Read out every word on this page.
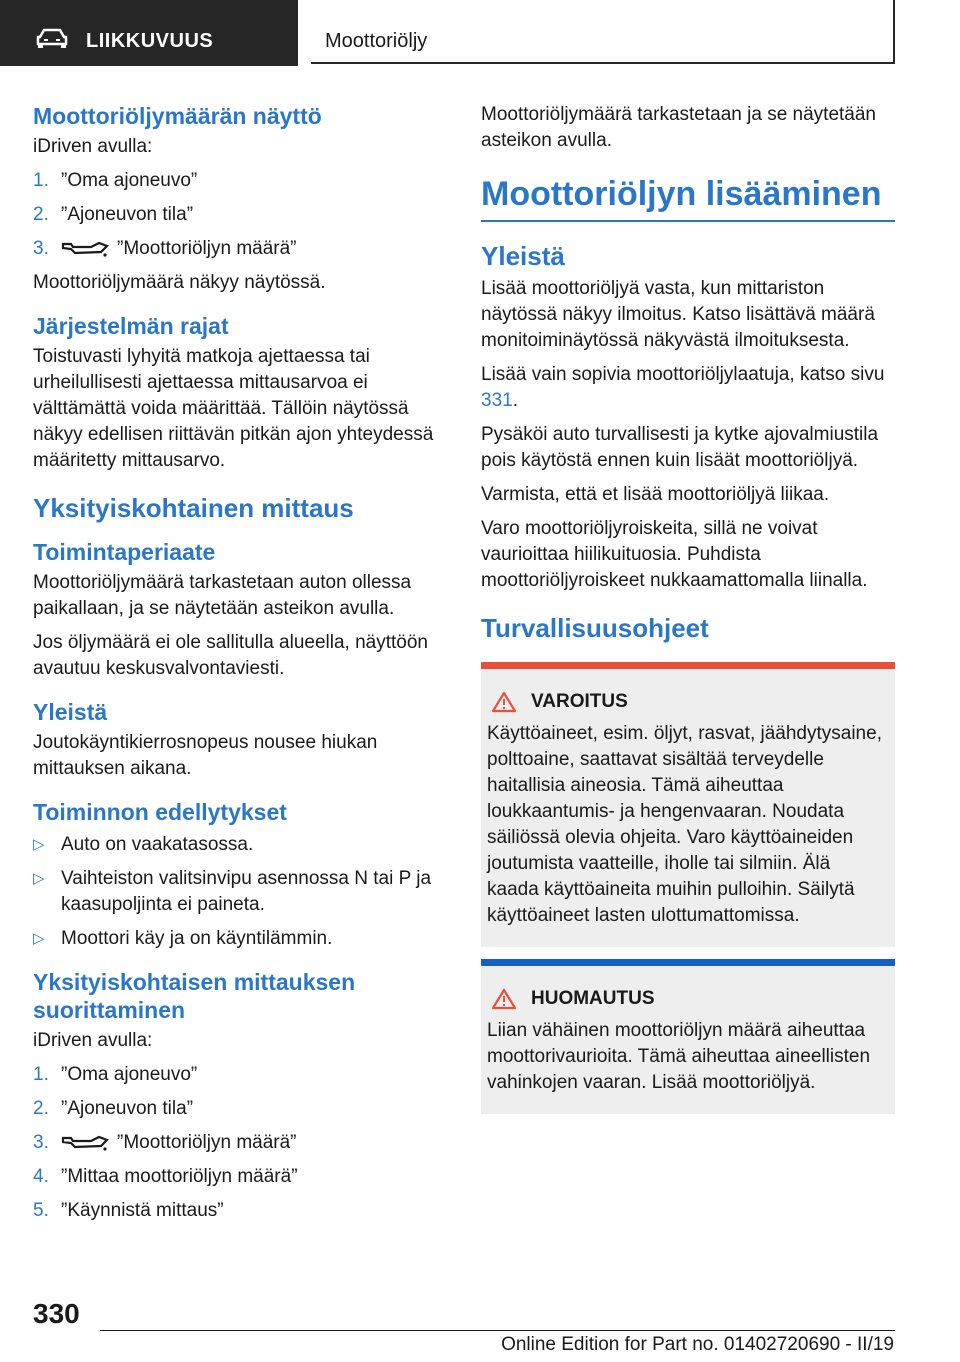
LIIKKUVUUS	Moottoriöljy
Moottoriöljymäärän näyttö

iDriven avulla:

1. ”Oma ajoneuvo”
2. ”Ajoneuvon tila”
3.	”Moottoriöljyn määrä”

Moottoriöljymäärä näkyy näytössä.

Järjestelmän rajat

Toistuvasti lyhyitä matkoja ajettaessa tai urheilullisesti ajettaessa mittausarvoa ei välttämättä voida määrittää. Tällöin näytössä näkyy edellisen riittävän pitkän ajon yhteydessä määritetty mittausarvo.

Yksityiskohtainen mittaus
Toimintaperiaate

Moottoriöljymäärä tarkastetaan auton ollessa paikallaan, ja se näytetään asteikon avulla.

Jos öljymäärä ei ole sallitulla alueella, näyttöön avautuu keskusvalvontaviesti.

Yleistä

Joutokäyntikierrosnopeus nousee hiukan mittauksen aikana.

Toiminnon edellytykset
▷ Auto on vaakatasossa.
▷ Vaihteiston valitsinvipu asennossa N tai P ja kaasupoljinta ei paineta.
▷ Moottori käy ja on käyntilämmin.
Yksityiskohtaisen mittauksen suorittaminen

iDriven avulla:

1. ”Oma ajoneuvo”
2. ”Ajoneuvon tila”
3.	”Moottoriöljyn määrä”
4. ”Mittaa moottoriöljyn määrä”
5. ”Käynnistä mittaus”

Moottoriöljymäärä tarkastetaan ja se näytetään asteikon avulla.

Moottoriöljyn lisääminen
Yleistä

Lisää moottoriöljyä vasta, kun mittariston näytössä näkyy ilmoitus. Katso lisättävä määrä monitoiminäytössä näkyvästä ilmoituksesta.

Lisää vain sopivia moottoriöljylaatuja, katso sivu 331.

Pysäköi auto turvallisesti ja kytke ajovalmiustila pois käytöstä ennen kuin lisäät moottoriöljyä.

Varmista, että et lisää moottoriöljyä liikaa.

Varo moottoriöljyroiskeita, sillä ne voivat vaurioittaa hiilikuituosia. Puhdista moottoriöljyroiskeet nukkaamattomalla liinalla.

Turvallisuusohjeet
VAROITUS

Käyttöaineet, esim. öljyt, rasvat, jäähdytysaine, polttoaine, saattavat sisältää terveydelle haitallisia aineosia. Tämä aiheuttaa loukkaantumis- ja hengenvaaran. Noudata säiliössä olevia ohjeita. Varo käyttöaineiden joutumista vaatteille, iholle tai silmiin. Älä kaada käyttöaineita muihin pulloihin. Säilytä käyttöaineet lasten ulottumattomissa.

HUOMAUTUS

Liian vähäinen moottoriöljyn määrä aiheuttaa moottorivaurioita. Tämä aiheuttaa aineellisten vahinkojen vaaran. Lisää moottoriöljyä.

330
Online Edition for Part no. 01402720690 - II/19
